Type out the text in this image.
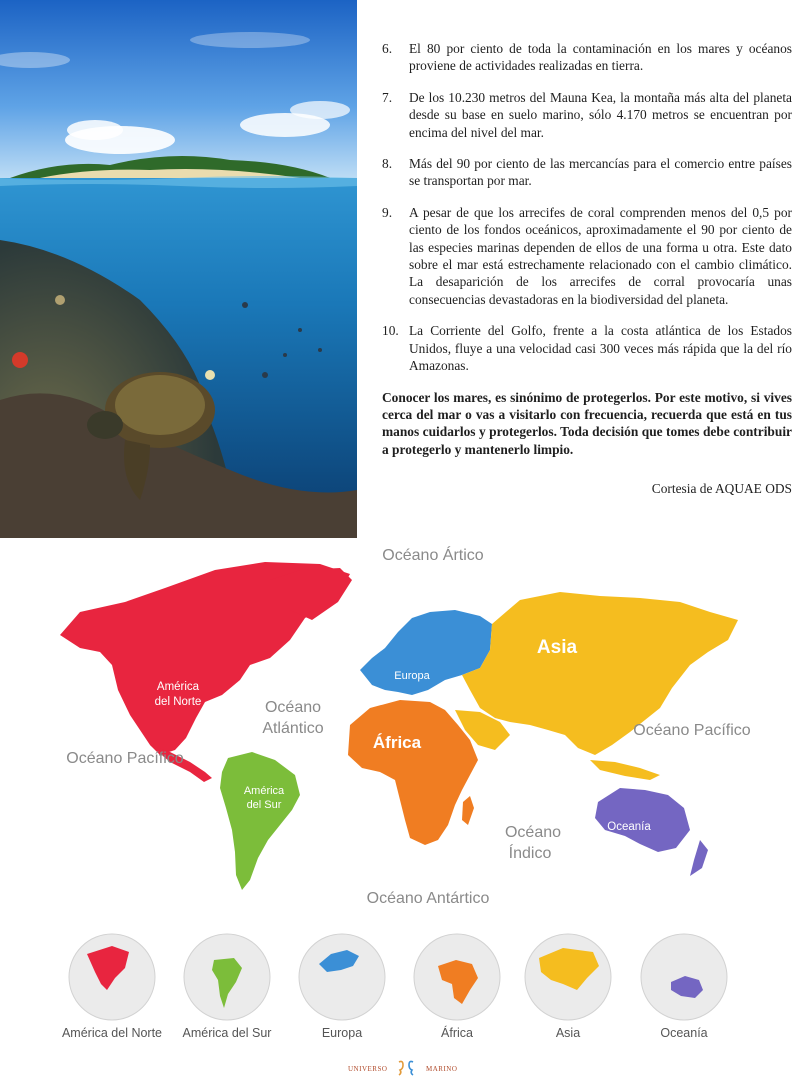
6. El 80 por ciento de toda la contaminación en los mares y océanos proviene de actividades realizadas en tierra.
7. De los 10.230 metros del Mauna Kea, la montaña más alta del planeta desde su base en suelo marino, sólo 4.170 metros se encuentran por encima del nivel del mar.
8. Más del 90 por ciento de las mercancías para el comercio entre países se transportan por mar.
9. A pesar de que los arrecifes de coral comprenden menos del 0,5 por ciento de los fondos oceánicos, aproximadamente el 90 por ciento de las especies marinas dependen de ellos de una forma u otra. Este dato sobre el mar está estrechamente relacionado con el cambio climático. La desaparición de los arrecifes de corral provocaría unas consecuencias devastadoras en la biodiversidad del planeta.
10. La Corriente del Golfo, frente a la costa atlántica de los Estados Unidos, fluye a una velocidad casi 300 veces más rápida que la del río Amazonas.

Conocer los mares, es sinónimo de protegerlos. Por este motivo, si vives cerca del mar o vas a visitarlo con frecuencia, recuerda que está en tus manos cuidarlos y protegerlos. Toda decisión que tomes debe contribuir a protegerlo y mantenerlo limpio.

Cortesia de AQUAE ODS

Océano Ártico
Océano Pacífico
Océano Pacífico
Océano
Atlántico
Océano
Índico
Océano Antártico
América
del Norte
América
del Sur
Europa
África
Asia
Oceanía
América del Norte	América del Sur	Europa	África	Asia	Oceanía
UNIVERSO	MARINO
